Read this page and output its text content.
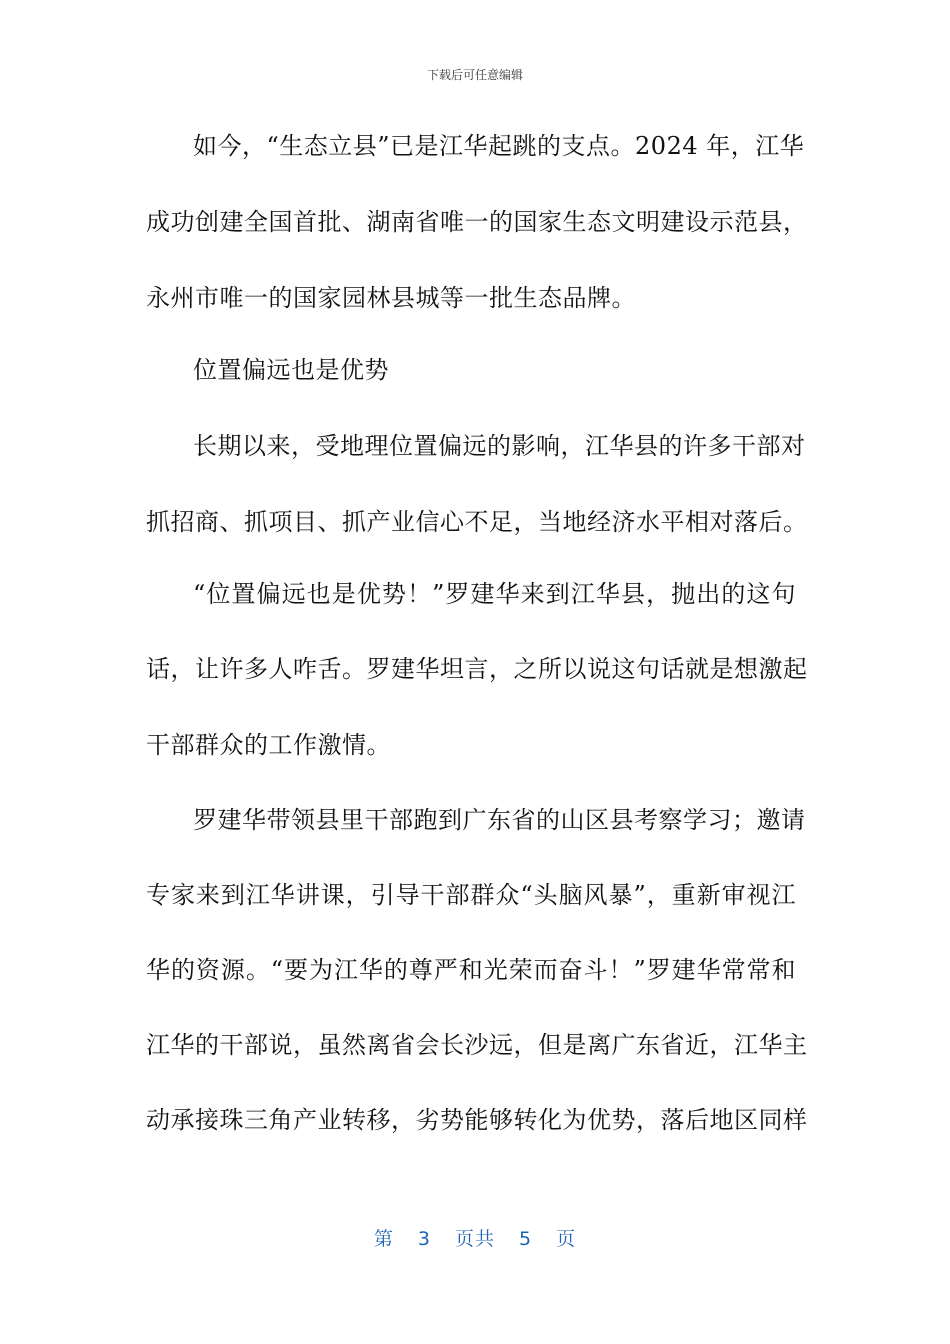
下载后可任意编辑
如今，“生态立县”已是江华起跳的支点。2024 年，江华
成功创建全国首批、湖南省唯一的国家生态文明建设示范县，
永州市唯一的国家园林县城等一批生态品牌。
位置偏远也是优势
长期以来，受地理位置偏远的影响，江华县的许多干部对
抓招商、抓项目、抓产业信心不足，当地经济水平相对落后。
“位置偏远也是优势！”罗建华来到江华县，抛出的这句
话，让许多人咋舌。罗建华坦言，之所以说这句话就是想激起
干部群众的工作激情。
罗建华带领县里干部跑到广东省的山区县考察学习；邀请
专家来到江华讲课，引导干部群众“头脑风暴”，重新审视江
华的资源。“要为江华的尊严和光荣而奋斗！”罗建华常常和
江华的干部说，虽然离省会长沙远，但是离广东省近，江华主
动承接珠三角产业转移，劣势能够转化为优势，落后地区同样
第 3 页共 5 页
